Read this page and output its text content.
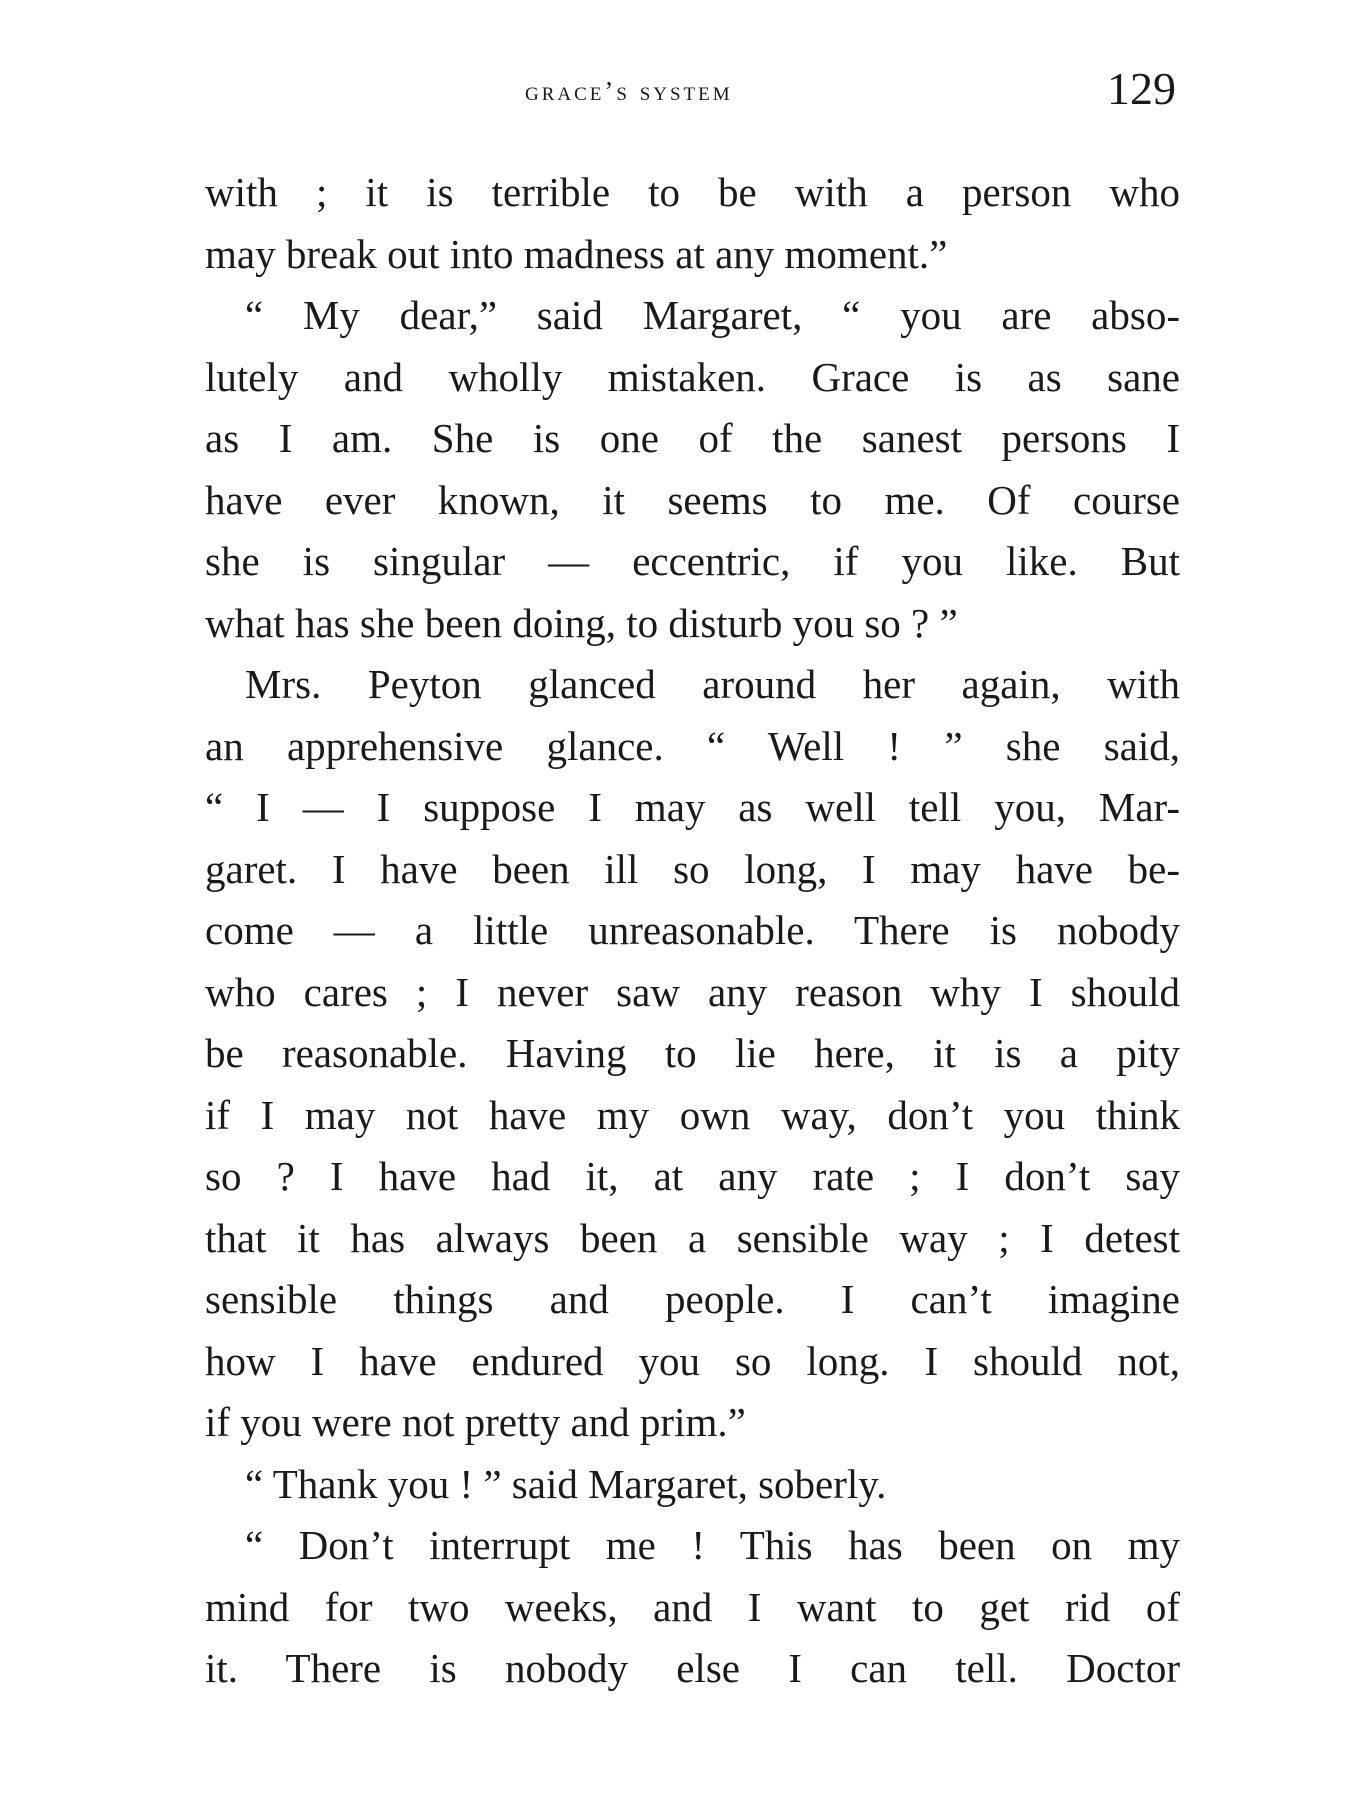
grace’s system	129
with ; it is terrible to be with a person who
may break out into madness at any moment.”
“ My dear,” said Margaret, “ you are abso-
lutely and wholly mistaken. Grace is as sane
as I am. She is one of the sanest persons I
have ever known, it seems to me. Of course
she is singular — eccentric, if you like. But
what has she been doing, to disturb you so ? ”
Mrs. Peyton glanced around her again, with
an apprehensive glance. “ Well ! ” she said,
“ I — I suppose I may as well tell you, Mar-
garet. I have been ill so long, I may have be-
come — a little unreasonable. There is nobody
who cares ; I never saw any reason why I should
be reasonable. Having to lie here, it is a pity
if I may not have my own way, don’t you think
so ? I have had it, at any rate ; I don’t say
that it has always been a sensible way ; I detest
sensible things and people. I can’t imagine
how I have endured you so long. I should not,
if you were not pretty and prim.”
“ Thank you ! ” said Margaret, soberly.
“ Don’t interrupt me ! This has been on my
mind for two weeks, and I want to get rid of
it. There is nobody else I can tell. Doctor
